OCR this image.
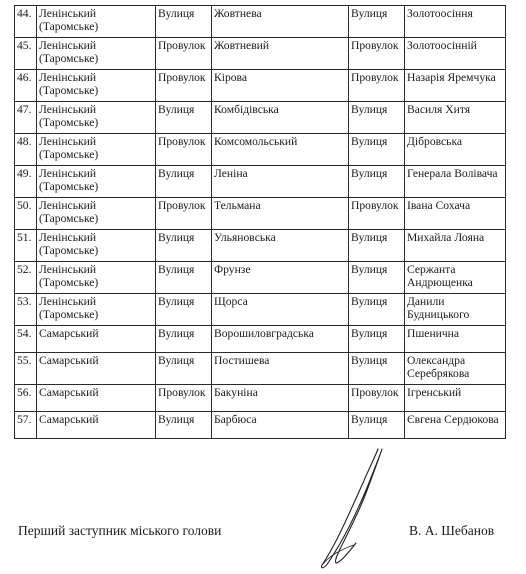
44.	Ленінський (Таромське)	Вулиця	Жовтнева	Вулиця	Золотоосіння
45.	Ленінський (Таромське)	Провулок	Жовтневий	Провулок	Золотоосінній
46.	Ленінський (Таромське)	Провулок	Кірова	Провулок	Назарія Яремчука
47.	Ленінський (Таромське)	Вулиця	Комбідівська	Вулиця	Василя Хитя
48.	Ленінський (Таромське)	Провулок	Комсомольський	Вулиця	Дібровська
49.	Ленінський (Таромське)	Вулиця	Леніна	Вулиця	Генерала Волівача
50.	Ленінський (Таромське)	Провулок	Тельмана	Провулок	Івана Сохача
51.	Ленінський (Таромське)	Вулиця	Ульяновська	Вулиця	Михайла Лояна
52.	Ленінський (Таромське)	Вулиця	Фрунзе	Вулиця	Сержанта Андрющенка
53.	Ленінський (Таромське)	Вулиця	Щорса	Вулиця	Данили Будницького
54.	Самарський	Вулиця	Ворошиловградська	Вулиця	Пшенична
55.	Самарський	Вулиця	Постишева	Вулиця	Олександра Серебрякова
56.	Самарський	Провулок	Бакуніна	Провулок	Ігренський
57.	Самарський	Вулиця	Барбюса	Вулиця	Євгена Сердюкова
Перший заступник міського голови	В. А. Шебанов
